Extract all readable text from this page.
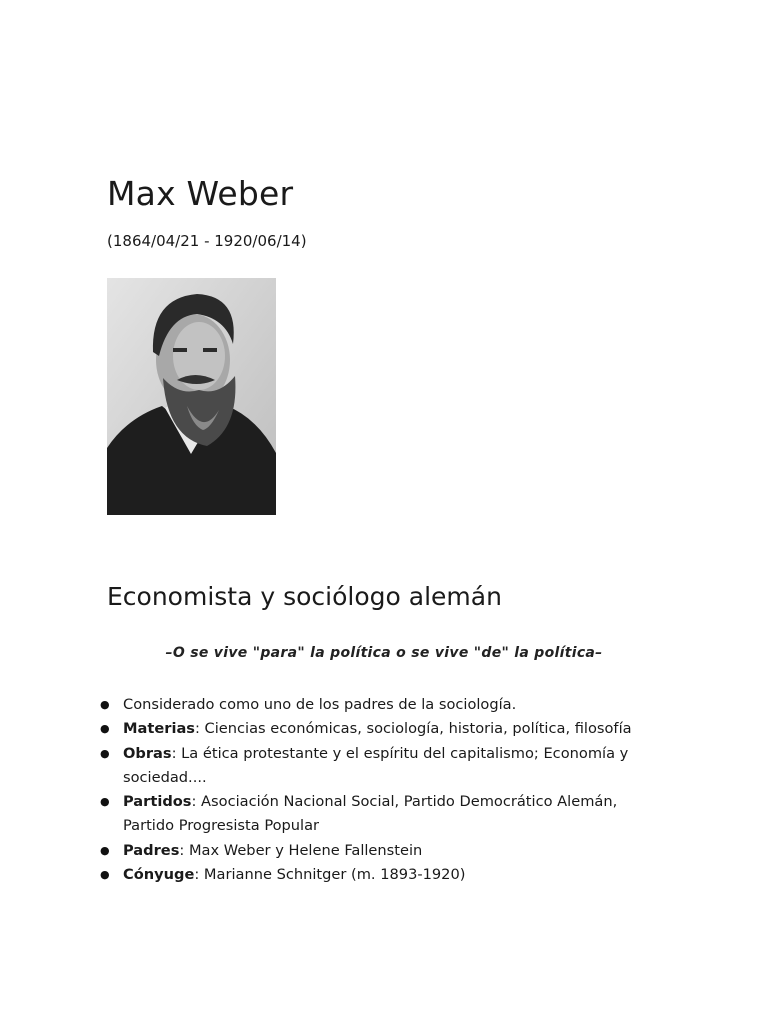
Max Weber

(1864/04/21 - 1920/06/14)

Economista y sociólogo alemán

–O se vive "para" la política o se vive "de" la política–

● Considerado como uno de los padres de la sociología.
● Materias: Ciencias económicas, sociología, historia, política, filosofía
● Obras: La ética protestante y el espíritu del capitalismo; Economía y sociedad....
● Partidos: Asociación Nacional Social, Partido Democrático Alemán, Partido Progresista Popular
● Padres: Max Weber y Helene Fallenstein
● Cónyuge: Marianne Schnitger (m. 1893-1920)
